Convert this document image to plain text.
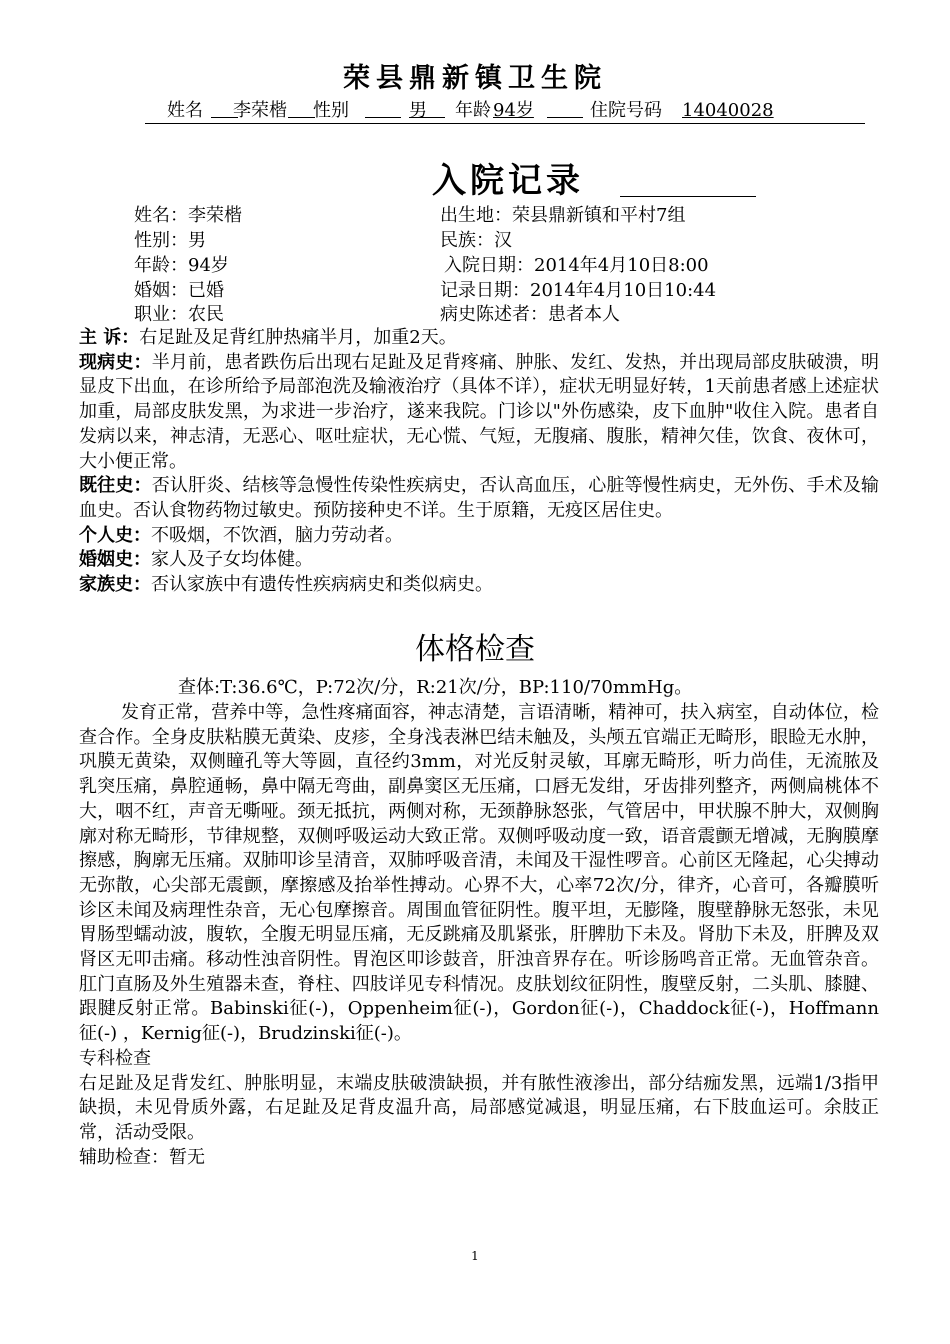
荣县鼎新镇卫生院
姓名
   李荣楷
   性别
  	男
  年龄 94岁
  	住院号码 14040028
入院记录
姓名：李荣楷
性别：男
年龄：94岁
婚姻：已婚
职业：农民
出生地：荣县鼎新镇和平村7组
民族：汉
入院日期：2014年4月10日8:00
记录日期：2014年4月10日10:44
病史陈述者：患者本人

主 诉：右足趾及足背红肿热痛半月，加重2天。

现病史：半月前，患者跌伤后出现右足趾及足背疼痛、肿胀、发红、发热，并出现局部皮肤破溃，明显皮下出血，在诊所给予局部泡洗及输液治疗（具体不详），症状无明显好转，1天前患者感上述症状加重，局部皮肤发黑，为求进一步治疗，遂来我院。门诊以"外伤感染，皮下血肿"收住入院。患者自发病以来，神志清，无恶心、呕吐症状，无心慌、气短，无腹痛、腹胀，精神欠佳，饮食、夜休可，大小便正常。

既往史：否认肝炎、结核等急慢性传染性疾病史，否认高血压，心脏等慢性病史，无外伤、手术及输血史。否认食物药物过敏史。预防接种史不详。生于原籍，无疫区居住史。

个人史：不吸烟，不饮酒，脑力劳动者。

婚姻史：家人及子女均体健。

家族史：否认家族中有遗传性疾病病史和类似病史。

体格检查
查体:T:36.6℃，P:72次/分，R:21次/分，BP:110/70mmHg。

发育正常，营养中等，急性疼痛面容，神志清楚，言语清晰，精神可，扶入病室，自动体位，检查合作。全身皮肤粘膜无黄染、皮疹，全身浅表淋巴结未触及，头颅五官端正无畸形，眼睑无水肿，巩膜无黄染，双侧瞳孔等大等圆，直径约3mm，对光反射灵敏，耳廓无畸形，听力尚佳，无流脓及乳突压痛，鼻腔通畅，鼻中隔无弯曲，副鼻窦区无压痛，口唇无发绀，牙齿排列整齐，两侧扁桃体不大，咽不红，声音无嘶哑。颈无抵抗，两侧对称，无颈静脉怒张，气管居中，甲状腺不肿大，双侧胸廓对称无畸形，节律规整，双侧呼吸运动大致正常。双侧呼吸动度一致，语音震颤无增减，无胸膜摩擦感，胸廓无压痛。双肺叩诊呈清音，双肺呼吸音清，未闻及干湿性啰音。心前区无隆起，心尖搏动无弥散，心尖部无震颤，摩擦感及抬举性搏动。心界不大，心率72次/分，律齐，心音可，各瓣膜听诊区未闻及病理性杂音，无心包摩擦音。周围血管征阴性。腹平坦，无膨隆，腹壁静脉无怒张，未见胃肠型蠕动波，腹软，全腹无明显压痛，无反跳痛及肌紧张，肝脾肋下未及。肾肋下未及，肝脾及双肾区无叩击痛。移动性浊音阴性。胃泡区叩诊鼓音，肝浊音界存在。听诊肠鸣音正常。无血管杂音。肛门直肠及外生殖器未查，脊柱、四肢详见专科情况。皮肤划纹征阴性，腹壁反射，二头肌、膝腱、跟腱反射正常。Babinski征(-)，Oppenheim征(-)，Gordon征(-)，Chaddock征(-)，Hoffmann征(-) ，Kernig征(-)，Brudzinski征(-)。

专科检查

右足趾及足背发红、肿胀明显，末端皮肤破溃缺损，并有脓性液渗出，部分结痂发黑，远端1/3指甲缺损，未见骨质外露，右足趾及足背皮温升高，局部感觉减退，明显压痛，右下肢血运可。余肢正常，活动受限。

辅助检查：暂无

1
